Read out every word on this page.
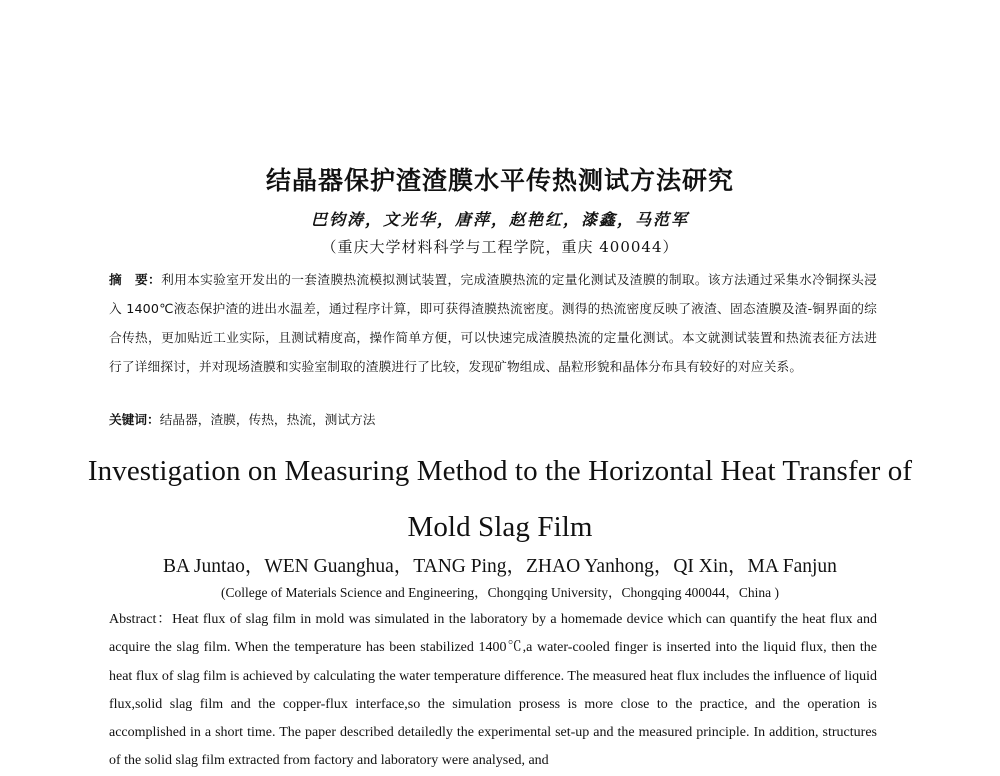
结晶器保护渣渣膜水平传热测试方法研究
巴钧涛，文光华，唐萍，赵艳红，漆鑫，马范军
（重庆大学材料科学与工程学院，重庆 400044）
摘　要：利用本实验室开发出的一套渣膜热流模拟测试装置，完成渣膜热流的定量化测试及渣膜的制取。该方法通过采集水冷铜探头浸入 1400℃液态保护渣的进出水温差，通过程序计算，即可获得渣膜热流密度。测得的热流密度反映了液渣、固态渣膜及渣-铜界面的综合传热，更加贴近工业实际，且测试精度高，操作简单方便，可以快速完成渣膜热流的定量化测试。本文就测试装置和热流表征方法进行了详细探讨，并对现场渣膜和实验室制取的渣膜进行了比较，发现矿物组成、晶粒形貌和晶体分布具有较好的对应关系。
关键词：结晶器，渣膜，传热，热流，测试方法
Investigation on Measuring Method to the Horizontal Heat Transfer of Mold Slag Film
BA Juntao，WEN Guanghua，TANG Ping，ZHAO Yanhong，QI Xin，MA Fanjun
(College of Materials Science and Engineering，Chongqing University，Chongqing 400044，China )
Abstract：Heat flux of slag film in mold was simulated in the laboratory by a homemade device which can quantify the heat flux and acquire the slag film. When the temperature has been stabilized 1400℃,a water-cooled finger is inserted into the liquid flux, then the heat flux of slag film is achieved by calculating the water temperature difference. The measured heat flux includes the influence of liquid flux,solid slag film and the copper-flux interface,so the simulation prosess is more close to the practice, and the operation is accomplished in a short time. The paper described detailedly the experimental set-up and the measured principle. In addition, structures of the solid slag film extracted from factory and laboratory were analysed, and
